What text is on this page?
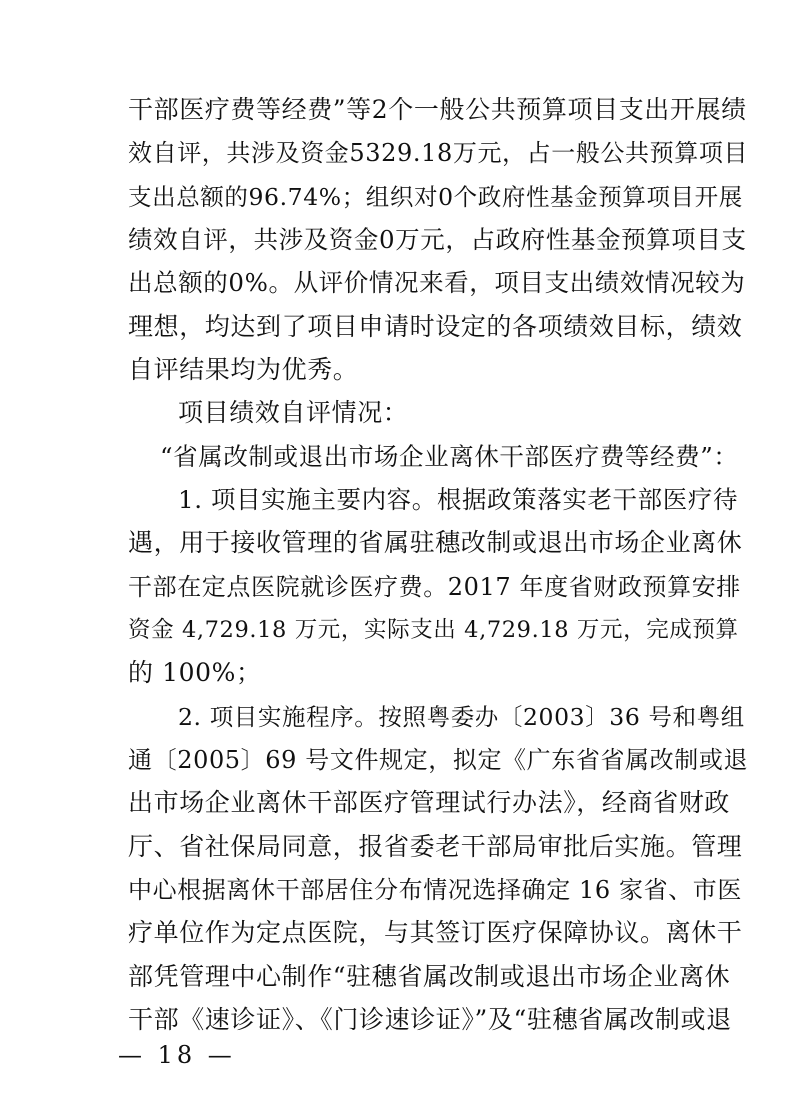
干部医疗费等经费”等2个一般公共预算项目支出开展绩
效自评，共涉及资金5329.18万元，占一般公共预算项目
支出总额的96.74%；组织对0个政府性基金预算项目开展
绩效自评，共涉及资金0万元，占政府性基金预算项目支
出总额的0%。从评价情况来看，项目支出绩效情况较为
理想，均达到了项目申请时设定的各项绩效目标，绩效
自评结果均为优秀。
项目绩效自评情况：
“省属改制或退出市场企业离休干部医疗费等经费”：
1. 项目实施主要内容。根据政策落实老干部医疗待
遇，用于接收管理的省属驻穗改制或退出市场企业离休
干部在定点医院就诊医疗费。2017 年度省财政预算安排
资金 4,729.18 万元，实际支出 4,729.18 万元，完成预算
的 100%；
2. 项目实施程序。按照粤委办〔2003〕36 号和粤组
通〔2005〕69 号文件规定，拟定《广东省省属改制或退
出市场企业离休干部医疗管理试行办法》，经商省财政
厅、省社保局同意，报省委老干部局审批后实施。管理
中心根据离休干部居住分布情况选择确定 16 家省、市医
疗单位作为定点医院，与其签订医疗保障协议。离休干
部凭管理中心制作“驻穗省属改制或退出市场企业离休
干部《速诊证》、《门诊速诊证》”及“驻穗省属改制或退
— 18 —
